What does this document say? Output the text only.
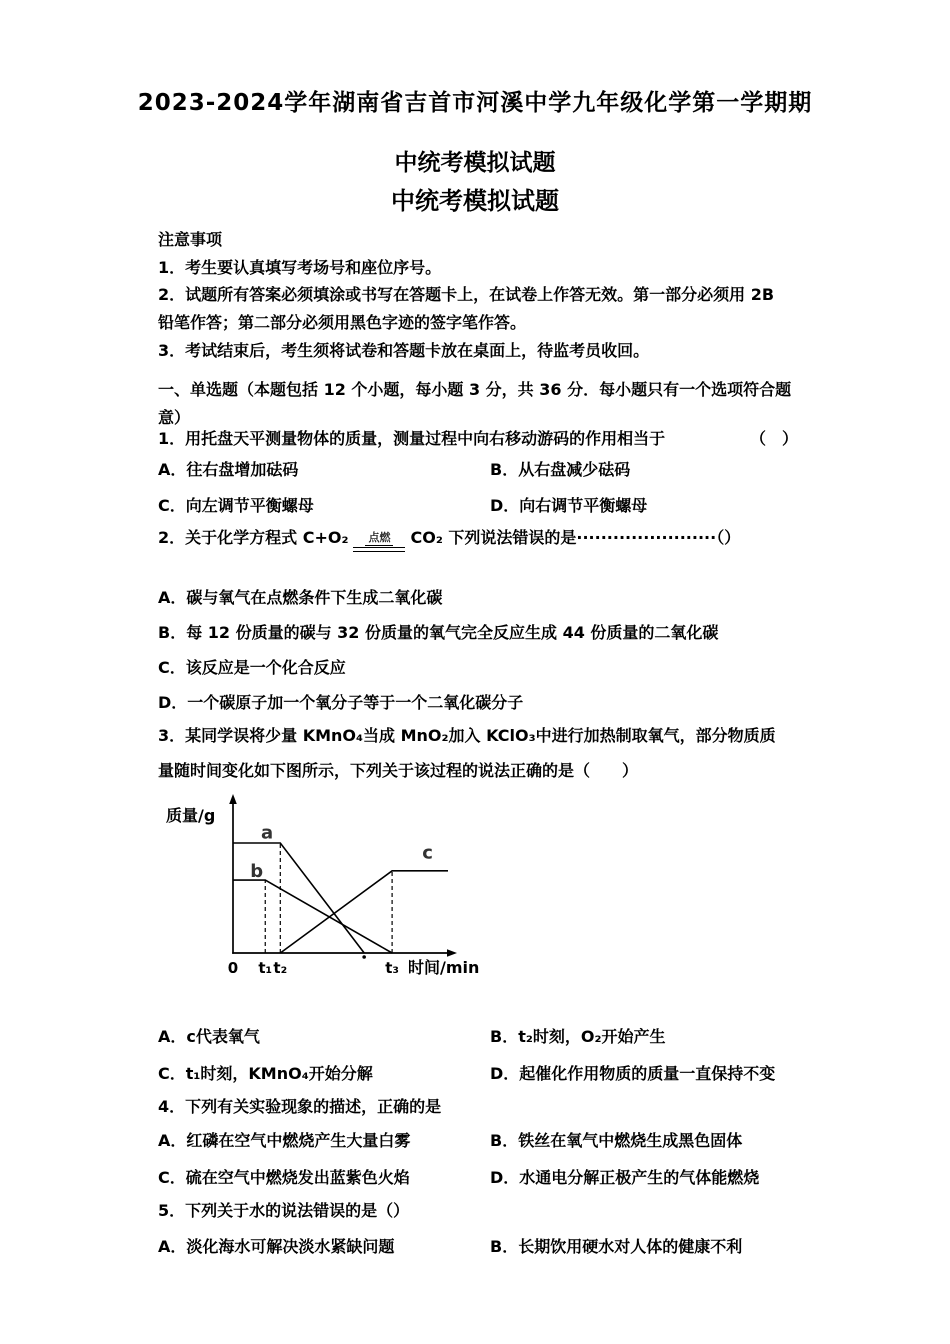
2023-2024学年湖南省吉首市河溪中学九年级化学第一学期期
中统考模拟试题
中统考模拟试题
注意事项
1．考生要认真填写考场号和座位序号。
2．试题所有答案必须填涂或书写在答题卡上，在试卷上作答无效。第一部分必须用 2B
铅笔作答；第二部分必须用黑色字迹的签字笔作答。
3．考试结束后，考生须将试卷和答题卡放在桌面上，待监考员收回。
一、单选题（本题包括 12 个小题，每小题 3 分，共 36 分．每小题只有一个选项符合题
意）
1．用托盘天平测量物体的质量，测量过程中向右移动游码的作用相当于	（　）
A．往右盘增加砝码	B．从右盘减少砝码
C．向左调节平衡螺母	D．向右调节平衡螺母
2．关于化学方程式 C+O₂ 点燃 CO₂ 下列说法错误的是·······················（）
A．碳与氧气在点燃条件下生成二氧化碳
B．每 12 份质量的碳与 32 份质量的氧气完全反应生成 44 份质量的二氧化碳
C．该反应是一个化合反应
D．一个碳原子加一个氧分子等于一个二氧化碳分子
3．某同学误将少量 KMnO₄当成 MnO₂加入 KClO₃中进行加热制取氧气，部分物质质
量随时间变化如下图所示，下列关于该过程的说法正确的是（　　）
a
b
c
0 t₁ t₂	t₃
质量/g
时间/min
A．c代表氧气	B．t₂时刻，O₂开始产生
C．t₁时刻，KMnO₄开始分解	D．起催化作用物质的质量一直保持不变
4．下列有关实验现象的描述，正确的是
A．红磷在空气中燃烧产生大量白雾	B．铁丝在氧气中燃烧生成黑色固体
C．硫在空气中燃烧发出蓝紫色火焰	D．水通电分解正极产生的气体能燃烧
5．下列关于水的说法错误的是（）
A．淡化海水可解决淡水紧缺问题	B．长期饮用硬水对人体的健康不利
